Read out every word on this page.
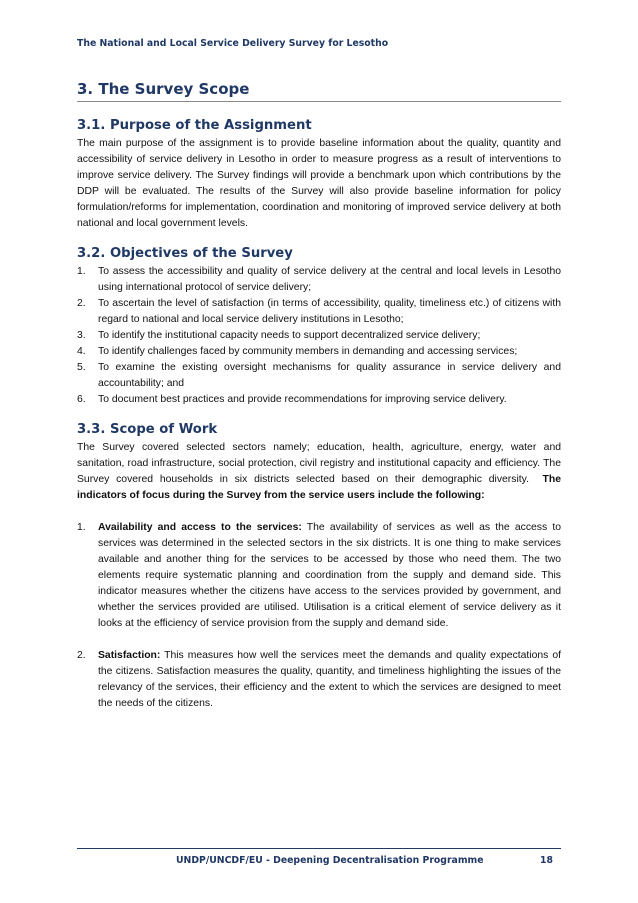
The National and Local Service Delivery Survey for Lesotho
3. The Survey Scope
3.1. Purpose of the Assignment

The main purpose of the assignment is to provide baseline information about the quality, quantity and accessibility of service delivery in Lesotho in order to measure progress as a result of interventions to improve service delivery. The Survey findings will provide a benchmark upon which contributions by the DDP will be evaluated. The results of the Survey will also provide baseline information for policy formulation/reforms for implementation, coordination and monitoring of improved service delivery at both national and local government levels.

3.2. Objectives of the Survey
1. To assess the accessibility and quality of service delivery at the central and local levels in Lesotho using international protocol of service delivery;
2. To ascertain the level of satisfaction (in terms of accessibility, quality, timeliness etc.) of citizens with regard to national and local service delivery institutions in Lesotho;
3. To identify the institutional capacity needs to support decentralized service delivery;
4. To identify challenges faced by community members in demanding and accessing services;
5. To examine the existing oversight mechanisms for quality assurance in service delivery and accountability; and
6. To document best practices and provide recommendations for improving service delivery.
3.3. Scope of Work

The Survey covered selected sectors namely; education, health, agriculture, energy, water and sanitation, road infrastructure, social protection, civil registry and institutional capacity and efficiency. The Survey covered households in six districts selected based on their demographic diversity. The indicators of focus during the Survey from the service users include the following:

1. Availability and access to the services: The availability of services as well as the access to services was determined in the selected sectors in the six districts. It is one thing to make services available and another thing for the services to be accessed by those who need them. The two elements require systematic planning and coordination from the supply and demand side. This indicator measures whether the citizens have access to the services provided by government, and whether the services provided are utilised. Utilisation is a critical element of service delivery as it looks at the efficiency of service provision from the supply and demand side.
2. Satisfaction: This measures how well the services meet the demands and quality expectations of the citizens. Satisfaction measures the quality, quantity, and timeliness highlighting the issues of the relevancy of the services, their efficiency and the extent to which the services are designed to meet the needs of the citizens.
UNDP/UNCDF/EU - Deepening Decentralisation Programme	18
